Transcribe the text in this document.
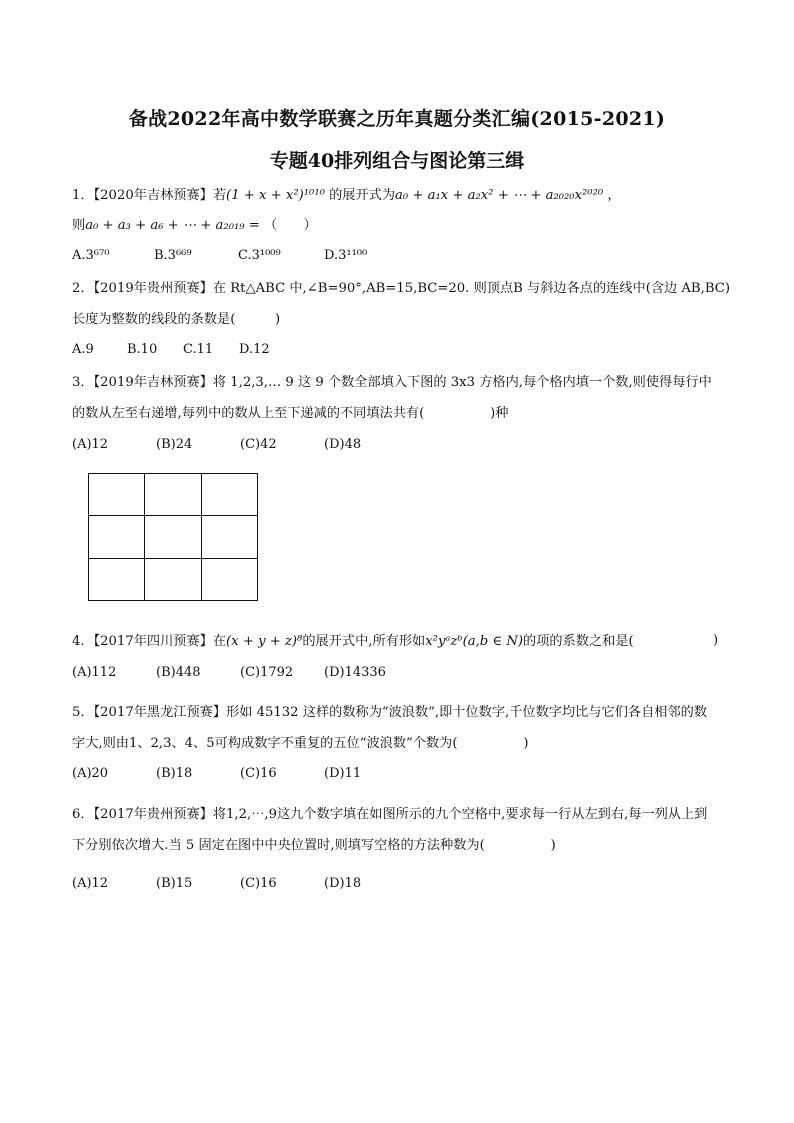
备战2022年高中数学联赛之历年真题分类汇编(2015-2021)
专题40排列组合与图论第三缉
1．【2020年吉林预赛】若(1 + x + x²)¹⁰¹⁰ 的展开式为a₀ + a₁x + a₂x² + ⋯ + a₂₀₂₀x²⁰²⁰ ，
则a₀ + a₃ + a₆ + ⋯ + a₂₀₁₉ = （　　）
A.3⁶⁷⁰	B.3⁶⁶⁹	C.3¹⁰⁰⁹	D.3¹¹⁰⁰
2．【2019年贵州预赛】在 Rt△ABC 中,∠B=90°,AB=15,BC=20. 则顶点B 与斜边各点的连线中(含边 AB,BC)
长度为整数的线段的条数是(　　　)
A.9	B.10 C.11 D.12
3．【2019年吉林预赛】将 1,2,3,… 9 这 9 个数全部填入下图的 3x3 方格内,每个格内填一个数,则使得每行中
的数从左至右递增,每列中的数从上至下递减的不同填法共有(　　　　　)种
(A)12	(B)24	(C)42	(D)48

4．【2017年四川预赛】在(x + y + z)⁸的展开式中,所有形如x²yᵃzᵇ(a,b ∈ N)的项的系数之和是(	)
(A)112	(B)448	(C)1792 (D)14336
5．【2017年黑龙江预赛】形如 45132 这样的数称为“波浪数”,即十位数字,千位数字均比与它们各自相邻的数
字大,则由1、2,3、4、5可构成数字不重复的五位“波浪数”个数为(　　　　　)
(A)20	(B)18	(C)16	(D)11
6．【2017年贵州预赛】将1,2,⋯,9这九个数字填在如图所示的九个空格中,要求每一行从左到右,每一列从上到
下分别依次增大.当 5 固定在图中中央位置时,则填写空格的方法种数为(　　　　　)
(A)12	(B)15	(C)16	(D)18
